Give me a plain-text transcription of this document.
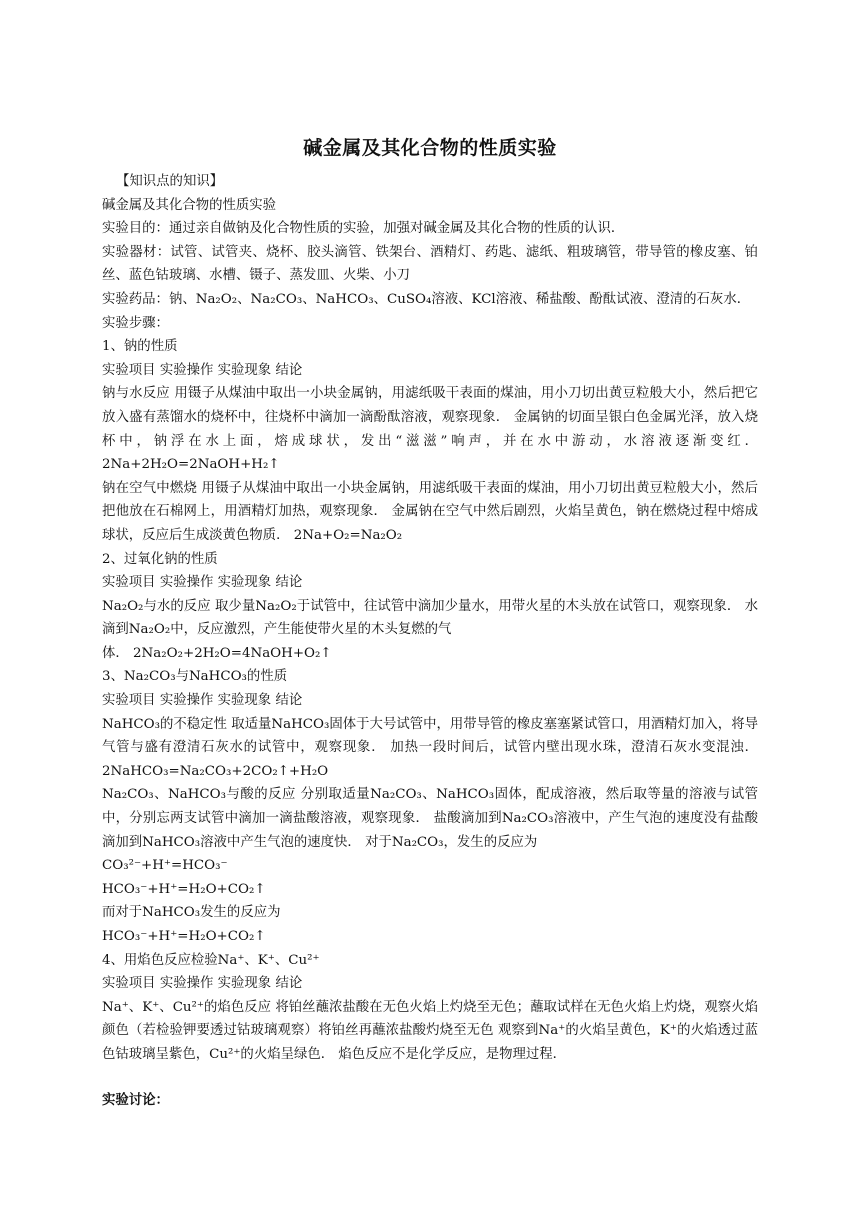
碱金属及其化合物的性质实验

【知识点的知识】

碱金属及其化合物的性质实验

实验目的：通过亲自做钠及化合物性质的实验，加强对碱金属及其化合物的性质的认识．

实验器材：试管、试管夹、烧杯、胶头滴管、铁架台、酒精灯、药匙、滤纸、粗玻璃管，带导管的橡皮塞、铂丝、蓝色钴玻璃、水槽、镊子、蒸发皿、火柴、小刀

实验药品：钠、Na₂O₂、Na₂CO₃、NaHCO₃、CuSO₄溶液、KCl溶液、稀盐酸、酚酞试液、澄清的石灰水．

实验步骤：

1、钠的性质

实验项目 实验操作 实验现象 结论

钠与水反应 用镊子从煤油中取出一小块金属钠，用滤纸吸干表面的煤油，用小刀切出黄豆粒般大小，然后把它放入盛有蒸馏水的烧杯中，往烧杯中滴加一滴酚酞溶液，观察现象． 金属钠的切面呈银白色金属光泽，放入烧杯中，钠浮在水上面，熔成球状，发出“滋滋”响声，并在水中游动，水溶液逐渐变红． 2Na+2H₂O=2NaOH+H₂↑

钠在空气中燃烧 用镊子从煤油中取出一小块金属钠，用滤纸吸干表面的煤油，用小刀切出黄豆粒般大小，然后把他放在石棉网上，用酒精灯加热，观察现象． 金属钠在空气中然后剧烈，火焰呈黄色，钠在燃烧过程中熔成球状，反应后生成淡黄色物质． 2Na+O₂=Na₂O₂

2、过氧化钠的性质

实验项目 实验操作 实验现象 结论

Na₂O₂与水的反应 取少量Na₂O₂于试管中，往试管中滴加少量水，用带火星的木头放在试管口，观察现象． 水滴到Na₂O₂中，反应激烈，产生能使带火星的木头复燃的气

体． 2Na₂O₂+2H₂O=4NaOH+O₂↑

3、Na₂CO₃与NaHCO₃的性质

实验项目 实验操作 实验现象 结论

NaHCO₃的不稳定性 取适量NaHCO₃固体于大号试管中，用带导管的橡皮塞塞紧试管口，用酒精灯加入，将导气管与盛有澄清石灰水的试管中，观察现象． 加热一段时间后，试管内壁出现水珠，澄清石灰水变混浊． 2NaHCO₃=Na₂CO₃+2CO₂↑+H₂O

Na₂CO₃、NaHCO₃与酸的反应 分别取适量Na₂CO₃、NaHCO₃固体，配成溶液，然后取等量的溶液与试管中，分别忘两支试管中滴加一滴盐酸溶液，观察现象． 盐酸滴加到Na₂CO₃溶液中，产生气泡的速度没有盐酸滴加到NaHCO₃溶液中产生气泡的速度快． 对于Na₂CO₃，发生的反应为

CO₃²⁻+H⁺=HCO₃⁻

HCO₃⁻+H⁺=H₂O+CO₂↑

而对于NaHCO₃发生的反应为

HCO₃⁻+H⁺=H₂O+CO₂↑

4、用焰色反应检验Na⁺、K⁺、Cu²⁺

实验项目 实验操作 实验现象 结论

Na⁺、K⁺、Cu²⁺的焰色反应 将铂丝蘸浓盐酸在无色火焰上灼烧至无色；蘸取试样在无色火焰上灼烧，观察火焰颜色（若检验钾要透过钴玻璃观察）将铂丝再蘸浓盐酸灼烧至无色 观察到Na⁺的火焰呈黄色，K⁺的火焰透过蓝色钴玻璃呈紫色，Cu²⁺的火焰呈绿色． 焰色反应不是化学反应，是物理过程．

实验讨论：
